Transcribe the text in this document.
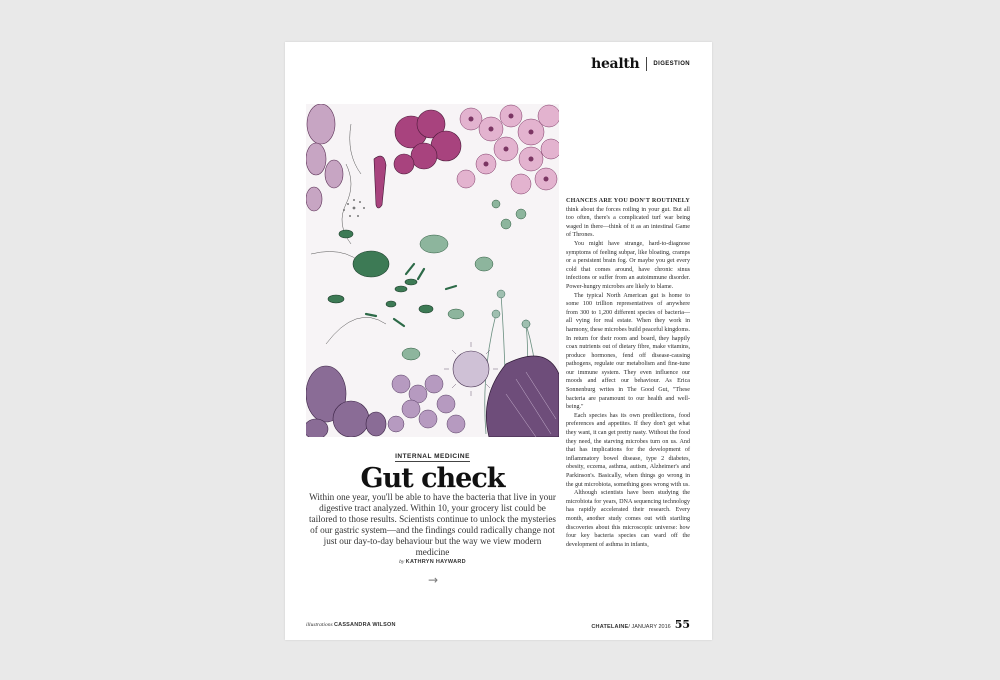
health DIGESTION
INTERNAL MEDICINE
Gut check
Within one year, you'll be able to have the bacteria that live in your digestive tract analyzed. Within 10, your grocery list could be tailored to those results. Scientists continue to unlock the mysteries of our gastric system—and the findings could radically change not just our day-to-day behaviour but the way we view modern medicine
by KATHRYN HAYWARD
→

CHANCES ARE YOU DON'T ROUTINELY think about the forces roiling in your gut. But all too often, there's a complicated turf war being waged in there—think of it as an intestinal Game of Thrones.

You might have strange, hard-to-diagnose symptoms of feeling subpar, like bloating, cramps or a persistent brain fog. Or maybe you get every cold that comes around, have chronic sinus infections or suffer from an autoimmune disorder. Power-hungry microbes are likely to blame.

The typical North American gut is home to some 100 trillion representatives of anywhere from 300 to 1,200 different species of bacteria—all vying for real estate. When they work in harmony, these microbes build peaceful kingdoms. In return for their room and board, they happily coax nutrients out of dietary fibre, make vitamins, produce hormones, fend off disease-causing pathogens, regulate our metabolism and fine-tune our immune system. They even influence our moods and affect our behaviour. As Erica Sonnenburg writes in The Good Gut, "These bacteria are paramount to our health and well-being."

Each species has its own predilections, food preferences and appetites. If they don't get what they want, it can get pretty nasty. Without the food they need, the starving microbes turn on us. And that has implications for the development of inflammatory bowel disease, type 2 diabetes, obesity, eczema, asthma, autism, Alzheimer's and Parkinson's. Basically, when things go wrong in the gut microbiota, something goes wrong with us.

Although scientists have been studying the microbiota for years, DNA sequencing technology has rapidly accelerated their research. Every month, another study comes out with startling discoveries about this microscopic universe: how four key bacteria species can ward off the development of asthma in infants,

illustrations CASSANDRA WILSON	CHATELAINE / JANUARY 2016 55
